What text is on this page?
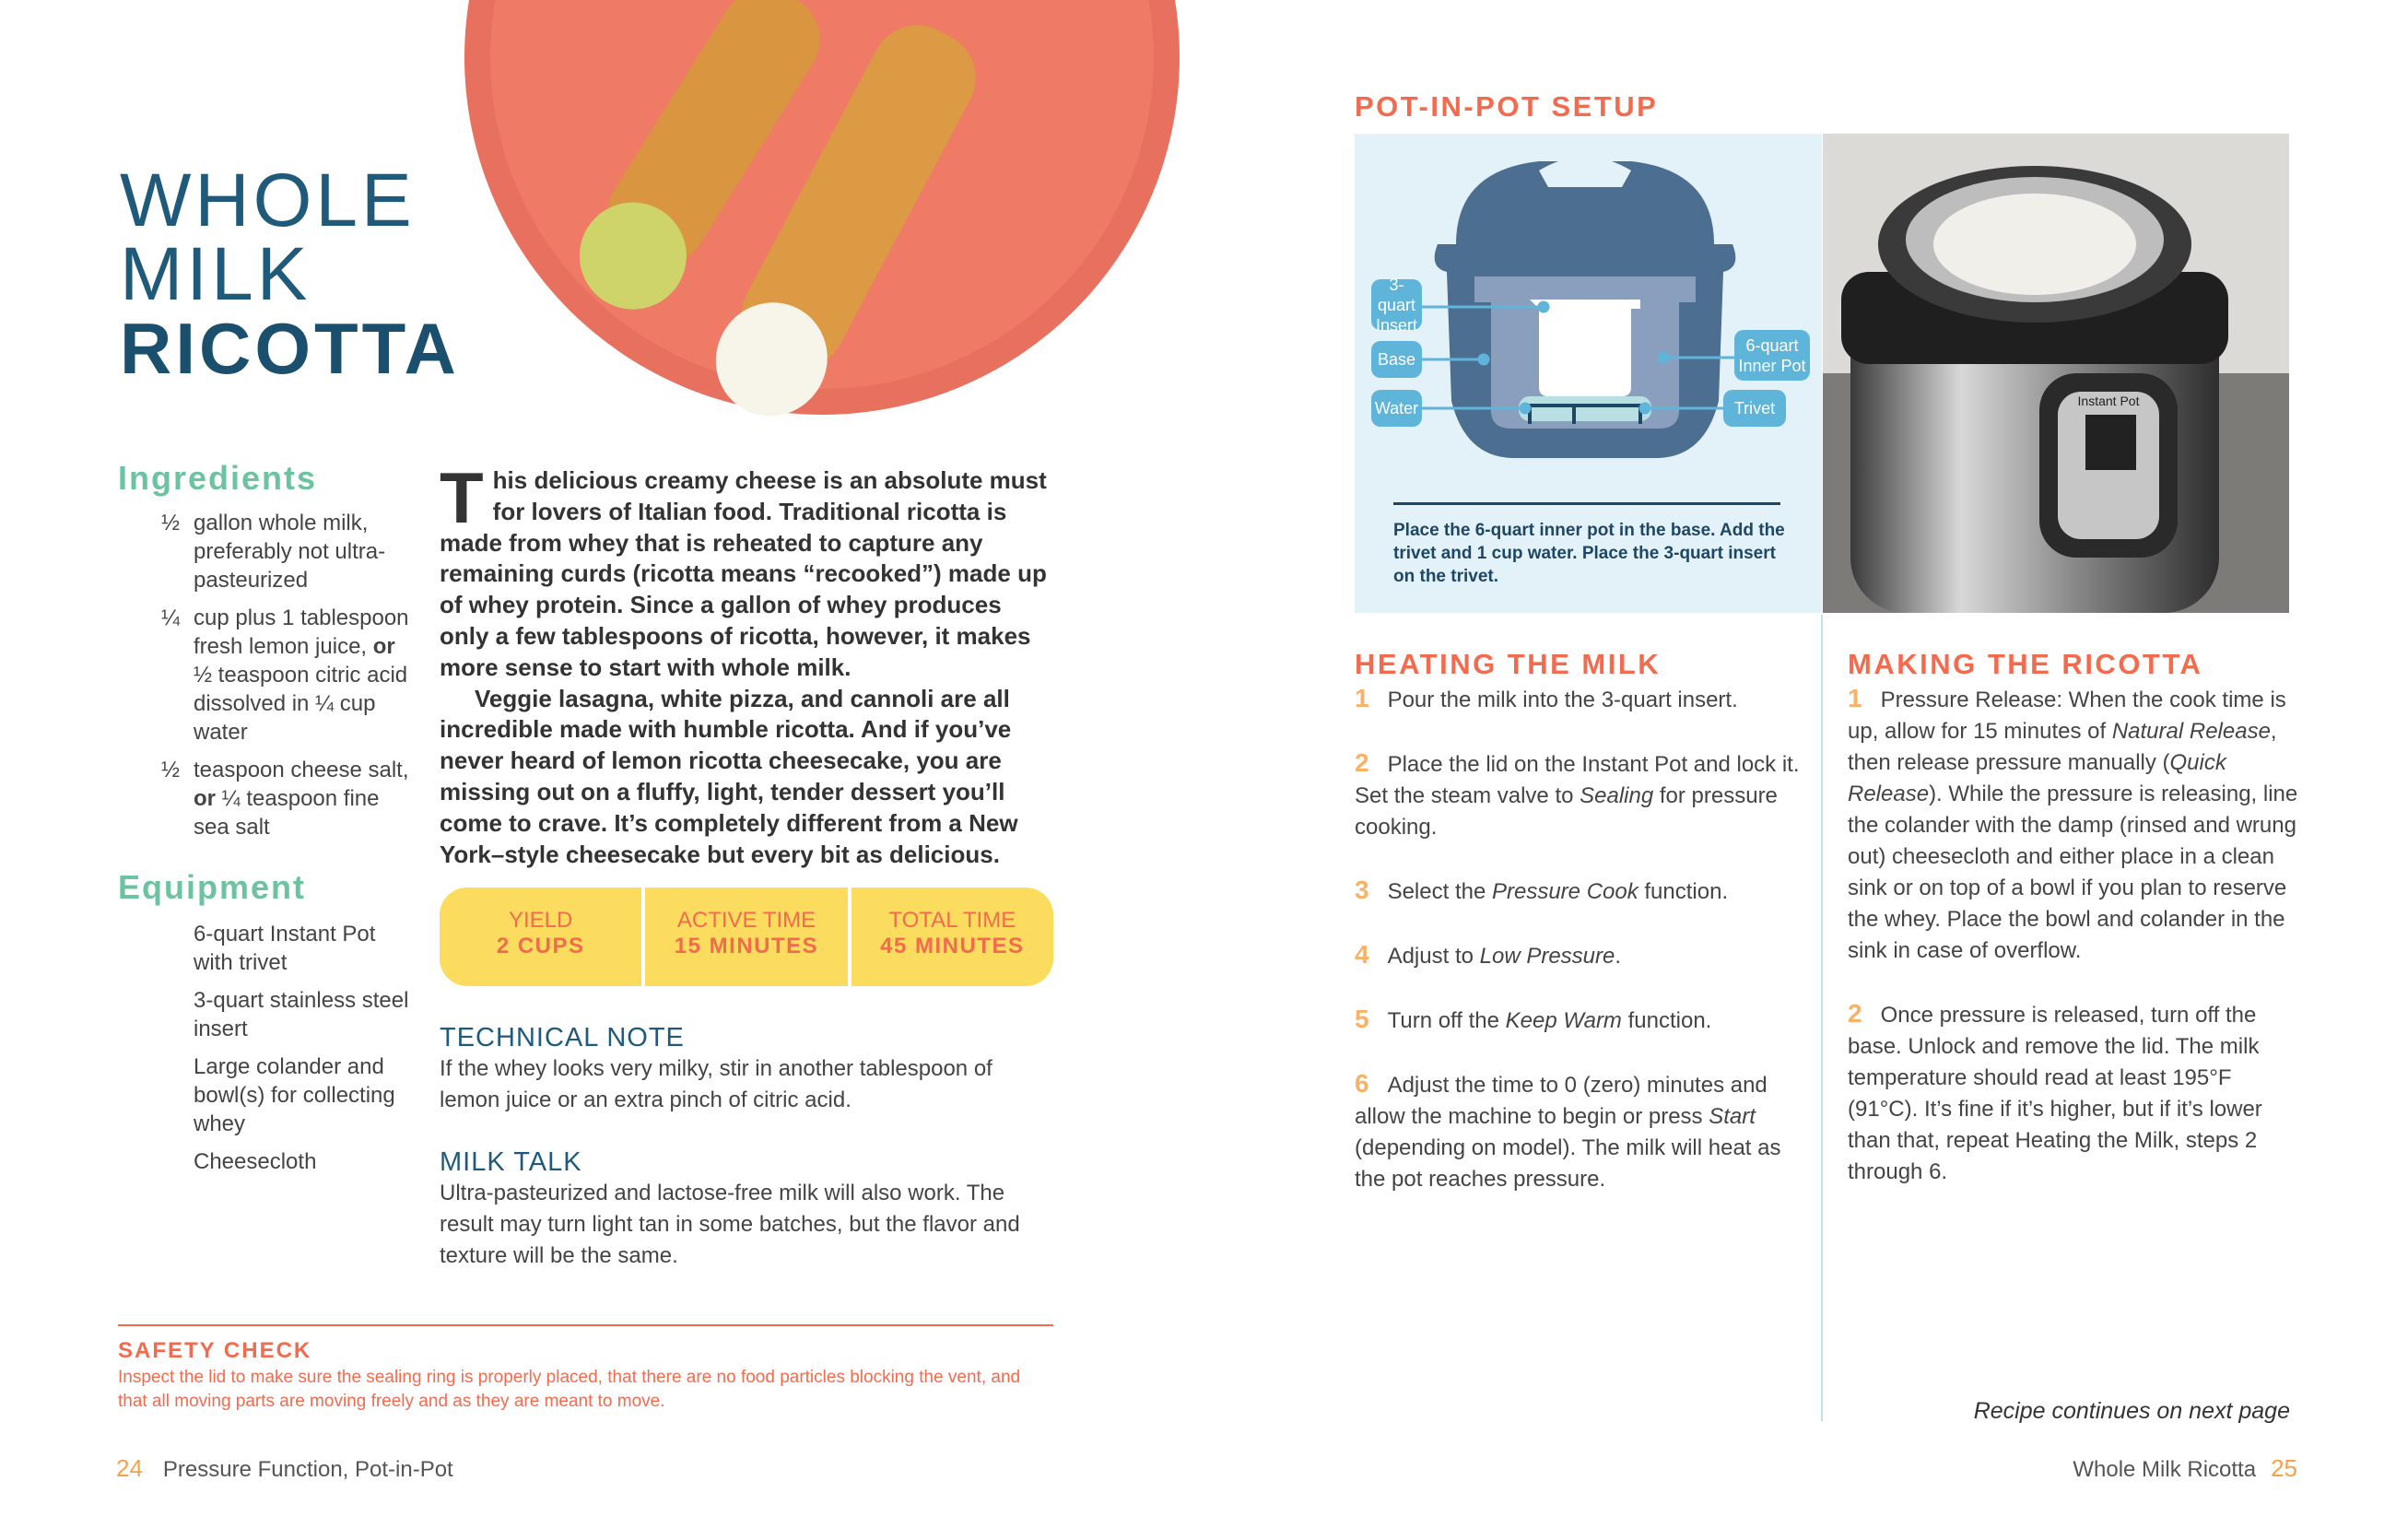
WHOLE
MILK
RICOTTA
Ingredients
½ gallon whole milk, preferably not ultra-pasteurized
¼ cup plus 1 tablespoon fresh lemon juice, or ½ teaspoon citric acid dissolved in ¼ cup water
½ teaspoon cheese salt, or ¼ teaspoon fine sea salt
Equipment
6-quart Instant Pot with trivet
3-quart stainless steel insert
Large colander and bowl(s) for collecting whey
Cheesecloth

This delicious creamy cheese is an absolute must for lovers of Italian food. Traditional ricotta is made from whey that is reheated to capture any remaining curds (ricotta means “recooked”) made up of whey protein. Since a gallon of whey produces only a few tablespoons of ricotta, however, it makes more sense to start with whole milk.

Veggie lasagna, white pizza, and cannoli are all incredible made with humble ricotta. And if you’ve never heard of lemon ricotta cheesecake, you are missing out on a fluffy, light, tender dessert you’ll come to crave. It’s completely different from a New York–style cheesecake but every bit as delicious.

YIELD
2 CUPS
ACTIVE TIME
15 MINUTES
TOTAL TIME
45 MINUTES
TECHNICAL NOTE
If the whey looks very milky, stir in another tablespoon of lemon juice or an extra pinch of citric acid.
MILK TALK
Ultra-pasteurized and lactose-free milk will also work. The result may turn light tan in some batches, but the flavor and texture will be the same.
SAFETY CHECK
Inspect the lid to make sure the sealing ring is properly placed, that there are no food particles blocking the vent, and that all moving parts are moving freely and as they are meant to move.
24 Pressure Function, Pot-in-Pot	Whole Milk Ricotta 25
POT-IN-POT SETUP
3-quart Insert
Base
Water
6-quart Inner Pot
Trivet
Place the 6-quart inner pot in the base. Add the trivet and 1 cup water. Place the 3-quart insert on the trivet.
Instant Pot
HEATING THE MILK
1 Pour the milk into the 3-quart insert.
2 Place the lid on the Instant Pot and lock it. Set the steam valve to Sealing for pressure cooking.
3 Select the Pressure Cook function.
4 Adjust to Low Pressure.
5 Turn off the Keep Warm function.
6 Adjust the time to 0 (zero) minutes and allow the machine to begin or press Start (depending on model). The milk will heat as the pot reaches pressure.
MAKING THE RICOTTA
1 Pressure Release: When the cook time is up, allow for 15 minutes of Natural Release, then release pressure manually (Quick Release). While the pressure is releasing, line the colander with the damp (rinsed and wrung out) cheesecloth and either place in a clean sink or on top of a bowl if you plan to reserve the whey. Place the bowl and colander in the sink in case of overflow.
2 Once pressure is released, turn off the base. Unlock and remove the lid. The milk temperature should read at least 195°F (91°C). It’s fine if it’s higher, but if it’s lower than that, repeat Heating the Milk, steps 2 through 6.
Recipe continues on next page
